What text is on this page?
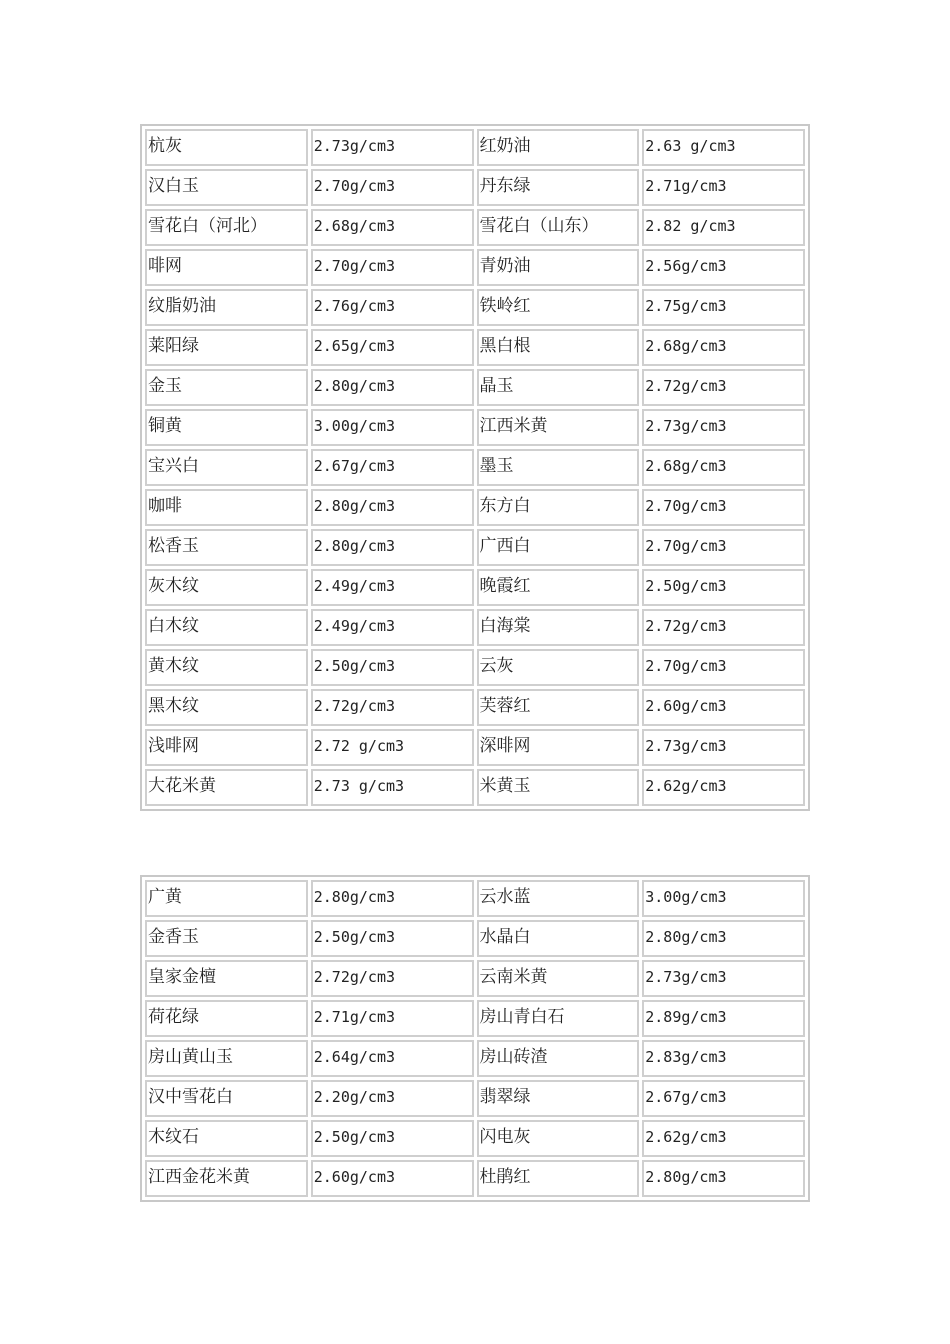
杭灰	2.73g/cm3	红奶油	2.63 g/cm3
汉白玉	2.70g/cm3	丹东绿	2.71g/cm3
雪花白（河北）	2.68g/cm3	雪花白（山东）	2.82 g/cm3
啡网	2.70g/cm3	青奶油	2.56g/cm3
纹脂奶油	2.76g/cm3	铁岭红	2.75g/cm3
莱阳绿	2.65g/cm3	黑白根	2.68g/cm3
金玉	2.80g/cm3	晶玉	2.72g/cm3
铜黄	3.00g/cm3	江西米黄	2.73g/cm3
宝兴白	2.67g/cm3	墨玉	2.68g/cm3
咖啡	2.80g/cm3	东方白	2.70g/cm3
松香玉	2.80g/cm3	广西白	2.70g/cm3
灰木纹	2.49g/cm3	晚霞红	2.50g/cm3
白木纹	2.49g/cm3	白海棠	2.72g/cm3
黄木纹	2.50g/cm3	云灰	2.70g/cm3
黑木纹	2.72g/cm3	芙蓉红	2.60g/cm3
浅啡网	2.72 g/cm3	深啡网	2.73g/cm3
大花米黄	2.73 g/cm3	米黄玉	2.62g/cm3
广黄	2.80g/cm3	云水蓝	3.00g/cm3
金香玉	2.50g/cm3	水晶白	2.80g/cm3
皇家金檀	2.72g/cm3	云南米黄	2.73g/cm3
荷花绿	2.71g/cm3	房山青白石	2.89g/cm3
房山黄山玉	2.64g/cm3	房山砖渣	2.83g/cm3
汉中雪花白	2.20g/cm3	翡翠绿	2.67g/cm3
木纹石	2.50g/cm3	闪电灰	2.62g/cm3
江西金花米黄	2.60g/cm3	杜鹃红	2.80g/cm3
